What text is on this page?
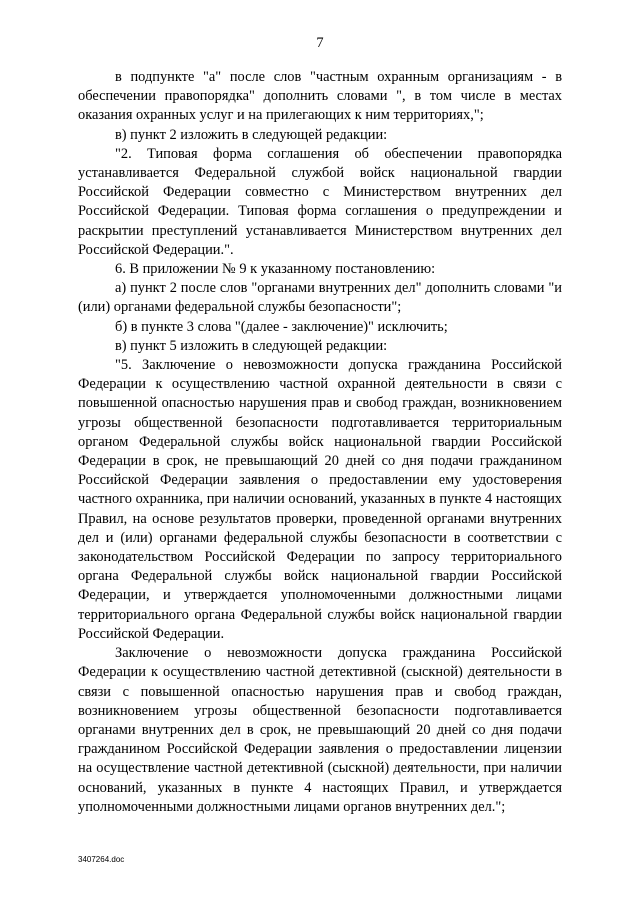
7

в подпункте "а" после слов "частным охранным организациям - в обеспечении правопорядка" дополнить словами ", в том числе в местах оказания охранных услуг и на прилегающих к ним территориях,";

в) пункт 2 изложить в следующей редакции:

"2. Типовая форма соглашения об обеспечении правопорядка устанавливается Федеральной службой войск национальной гвардии Российской Федерации совместно с Министерством внутренних дел Российской Федерации. Типовая форма соглашения о предупреждении и раскрытии преступлений устанавливается Министерством внутренних дел Российской Федерации.".

6. В приложении № 9 к указанному постановлению:

а) пункт 2 после слов "органами внутренних дел" дополнить словами "и (или) органами федеральной службы безопасности";

б) в пункте 3 слова "(далее - заключение)" исключить;

в) пункт 5 изложить в следующей редакции:

"5. Заключение о невозможности допуска гражданина Российской Федерации к осуществлению частной охранной деятельности в связи с повышенной опасностью нарушения прав и свобод граждан, возникновением угрозы общественной безопасности подготавливается территориальным органом Федеральной службы войск национальной гвардии Российской Федерации в срок, не превышающий 20 дней со дня подачи гражданином Российской Федерации заявления о предоставлении ему удостоверения частного охранника, при наличии оснований, указанных в пункте 4 настоящих Правил, на основе результатов проверки, проведенной органами внутренних дел и (или) органами федеральной службы безопасности в соответствии с законодательством Российской Федерации по запросу территориального органа Федеральной службы войск национальной гвардии Российской Федерации, и утверждается уполномоченными должностными лицами территориального органа Федеральной службы войск национальной гвардии Российской Федерации.

Заключение о невозможности допуска гражданина Российской Федерации к осуществлению частной детективной (сыскной) деятельности в связи с повышенной опасностью нарушения прав и свобод граждан, возникновением угрозы общественной безопасности подготавливается органами внутренних дел в срок, не превышающий 20 дней со дня подачи гражданином Российской Федерации заявления о предоставлении лицензии на осуществление частной детективной (сыскной) деятельности, при наличии оснований, указанных в пункте 4 настоящих Правил, и утверждается уполномоченными должностными лицами органов внутренних дел.";

3407264.doc
